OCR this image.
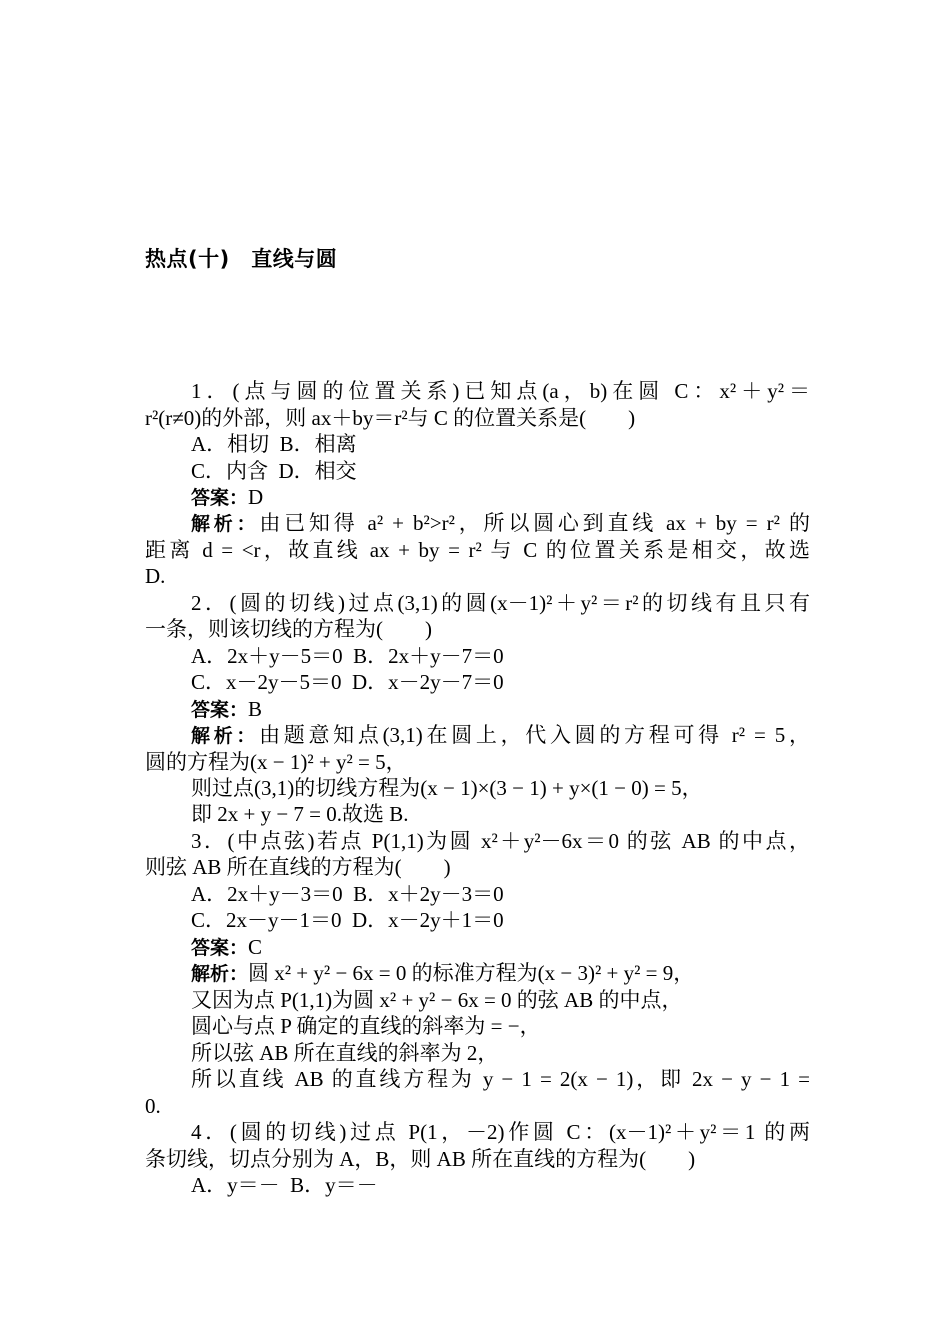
热点(十)　直线与圆
1．(点与圆的位置关系)已知点(a，b)在圆 C：x²＋y²＝
r²(r≠0)的外部，则 ax＋by＝r²与 C 的位置关系是(　　)
A．相切  B．相离
C．内含  D．相交
答案：D
解析：由已知得 a² + b²>r²，所以圆心到直线 ax + by = r² 的
距离 d = <r，故直线 ax + by = r² 与 C 的位置关系是相交，故选
D.
2．(圆的切线)过点(3,1)的圆(x－1)²＋y²＝r²的切线有且只有
一条，则该切线的方程为(　　)
A．2x＋y－5＝0  B．2x＋y－7＝0
C．x－2y－5＝0  D．x－2y－7＝0
答案：B
解析：由题意知点(3,1)在圆上，代入圆的方程可得 r² = 5，
圆的方程为(x − 1)² + y² = 5，
则过点(3,1)的切线方程为(x − 1)×(3 − 1) + y×(1 − 0) = 5，
即 2x + y − 7 = 0.故选 B.
3．(中点弦)若点 P(1,1)为圆 x²＋y²－6x＝0 的弦 AB 的中点，
则弦 AB 所在直线的方程为(　　)
A．2x＋y－3＝0  B．x＋2y－3＝0
C．2x－y－1＝0  D．x－2y＋1＝0
答案：C
解析：圆 x² + y² − 6x = 0 的标准方程为(x − 3)² + y² = 9，
又因为点 P(1,1)为圆 x² + y² − 6x = 0 的弦 AB 的中点，
圆心与点 P 确定的直线的斜率为 = −，
所以弦 AB 所在直线的斜率为 2，
所以直线 AB 的直线方程为 y − 1 = 2(x − 1)，即 2x − y − 1 =
0.
4．(圆的切线)过点 P(1，－2)作圆 C：(x－1)²＋y²＝1 的两
条切线，切点分别为 A，B，则 AB 所在直线的方程为(　　)
A．y＝－  B．y＝－
